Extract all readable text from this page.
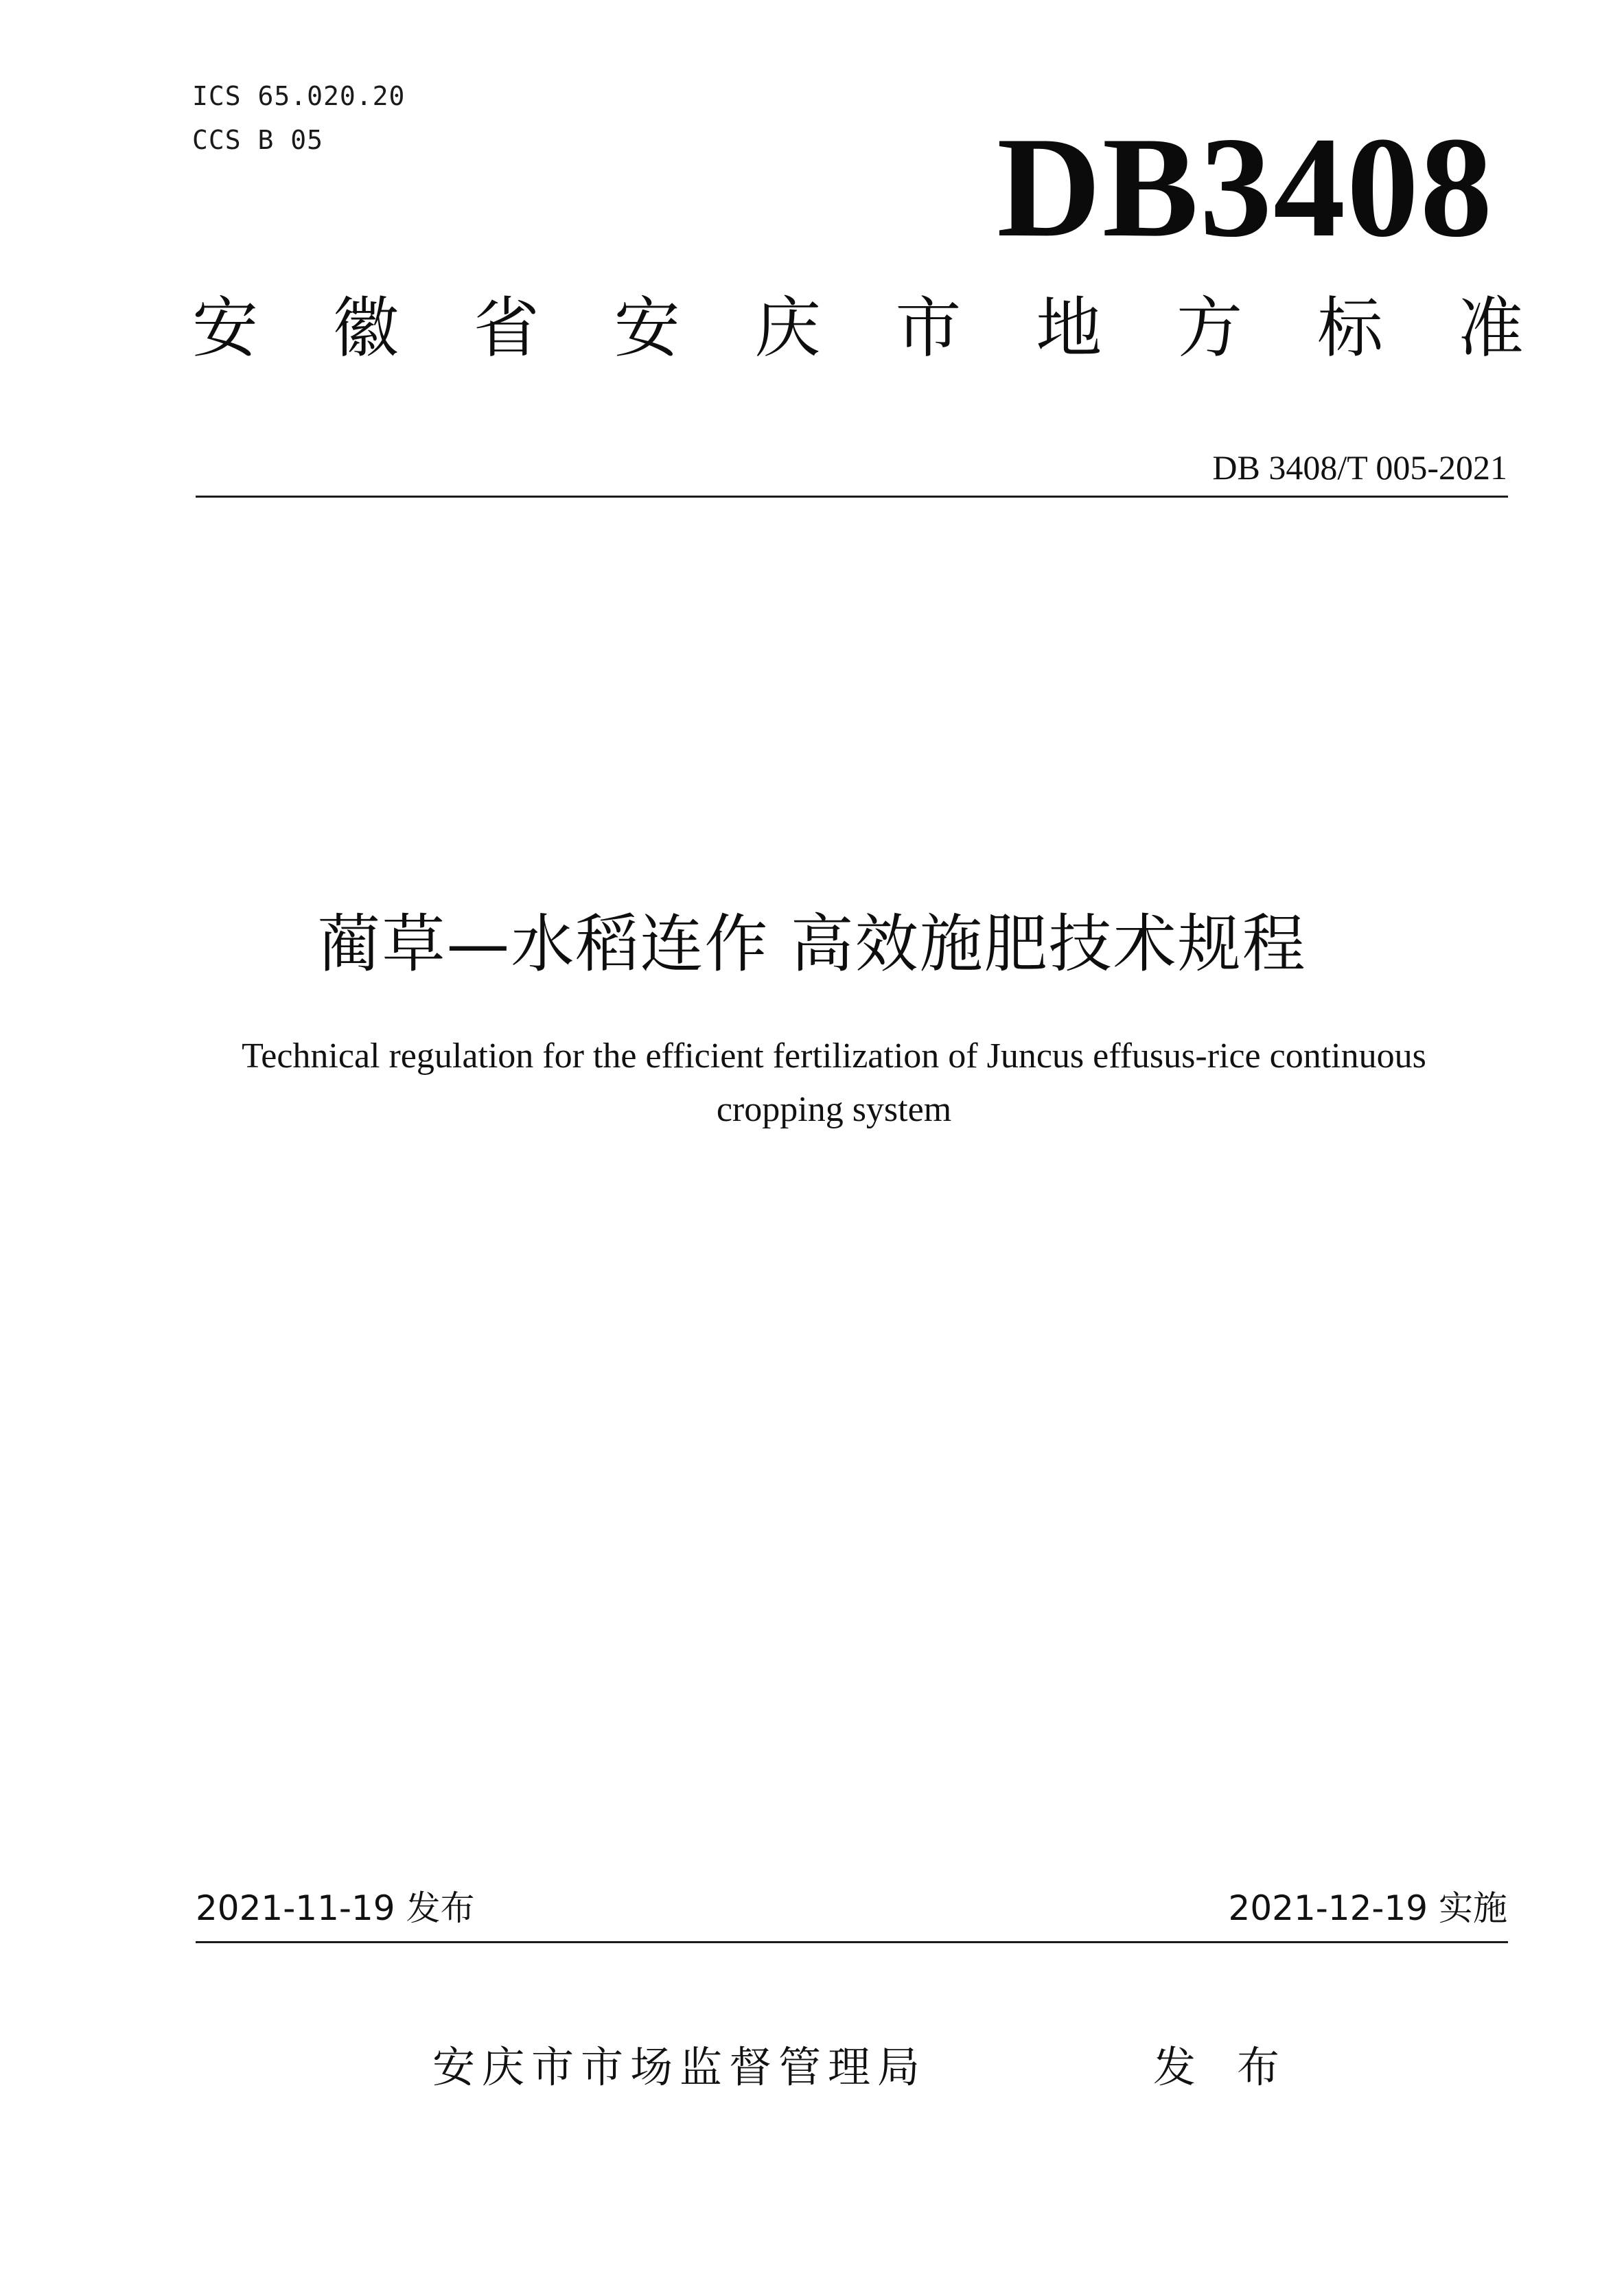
ICS 65.020.20
CCS B 05	DB3408
安 徽 省 安 庆 市 地 方 标 准
DB 3408/T 005-2021
蔺草—水稻连作 高效施肥技术规程
Technical regulation for the efficient fertilization of Juncus effusus-rice continuous
cropping system
2021-11-19 发布	2021-12-19 实施
安庆市市场监督管理局	发布
